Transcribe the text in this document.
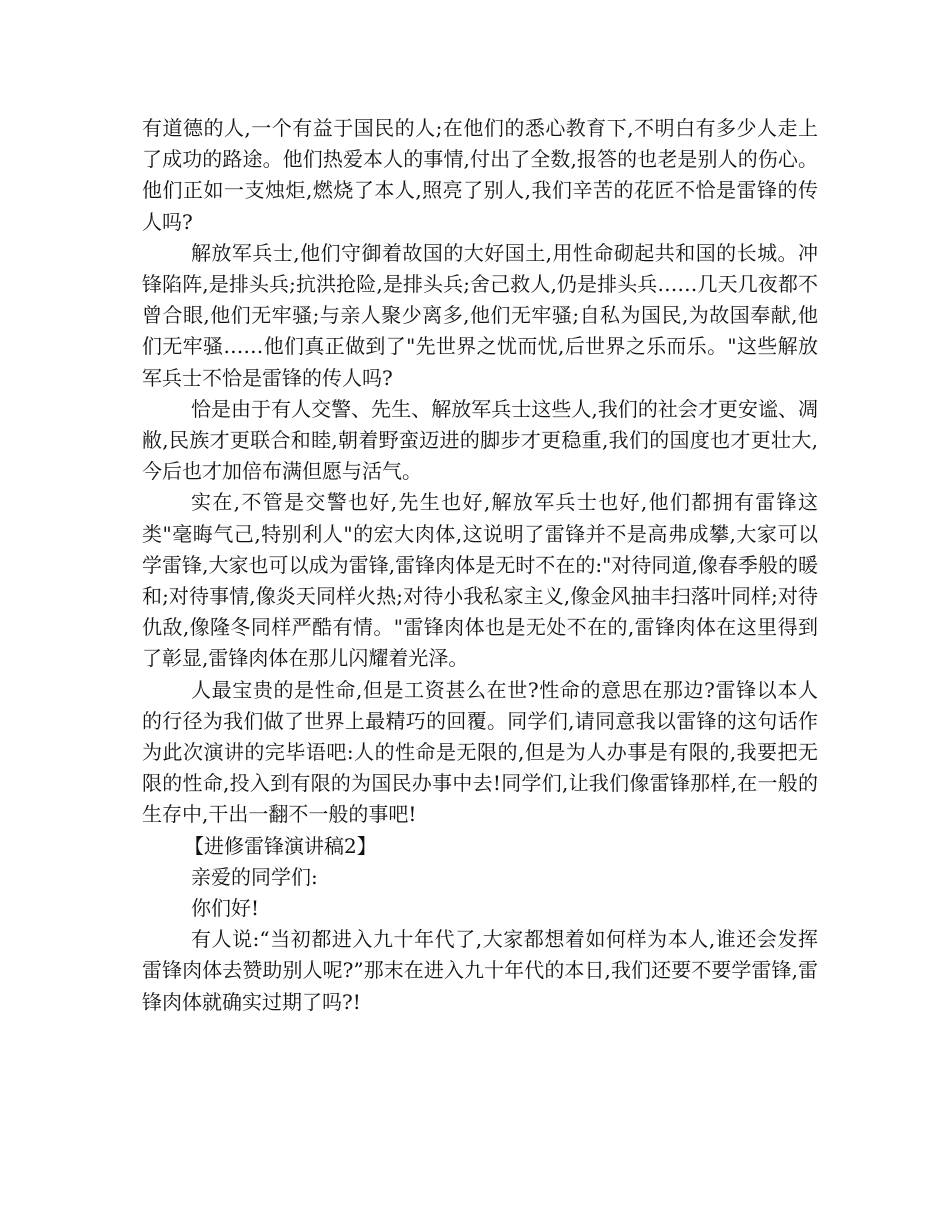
有道德的人,一个有益于国民的人;在他们的悉心教育下,不明白有多少人走上了成功的路途。他们热爱本人的事情,付出了全数,报答的也老是别人的伤心。他们正如一支烛炬,燃烧了本人,照亮了别人,我们辛苦的花匠不恰是雷锋的传人吗?

解放军兵士,他们守御着故国的大好国土,用性命砌起共和国的长城。冲锋陷阵,是排头兵;抗洪抢险,是排头兵;舍己救人,仍是排头兵……几天几夜都不曾合眼,他们无牢骚;与亲人聚少离多,他们无牢骚;自私为国民,为故国奉献,他们无牢骚……他们真正做到了"先世界之忧而忧,后世界之乐而乐。"这些解放军兵士不恰是雷锋的传人吗?

恰是由于有人交警、先生、解放军兵士这些人,我们的社会才更安谧、凋敝,民族才更联合和睦,朝着野蛮迈进的脚步才更稳重,我们的国度也才更壮大,今后也才加倍布满但愿与活气。

实在,不管是交警也好,先生也好,解放军兵士也好,他们都拥有雷锋这类"毫晦气己,特别利人"的宏大肉体,这说明了雷锋并不是高弗成攀,大家可以学雷锋,大家也可以成为雷锋,雷锋肉体是无时不在的:"对待同道,像春季般的暖和;对待事情,像炎天同样火热;对待小我私家主义,像金风抽丰扫落叶同样;对待仇敌,像隆冬同样严酷有情。"雷锋肉体也是无处不在的,雷锋肉体在这里得到了彰显,雷锋肉体在那儿闪耀着光泽。

人最宝贵的是性命,但是工资甚么在世?性命的意思在那边?雷锋以本人的行径为我们做了世界上最精巧的回覆。同学们,请同意我以雷锋的这句话作为此次演讲的完毕语吧:人的性命是无限的,但是为人办事是有限的,我要把无限的性命,投入到有限的为国民办事中去!同学们,让我们像雷锋那样,在一般的生存中,干出一翻不一般的事吧!

【进修雷锋演讲稿2】

亲爱的同学们:

你们好!

有人说:“当初都进入九十年代了,大家都想着如何样为本人,谁还会发挥雷锋肉体去赞助别人呢?”那末在进入九十年代的本日,我们还要不要学雷锋,雷锋肉体就确实过期了吗?!
